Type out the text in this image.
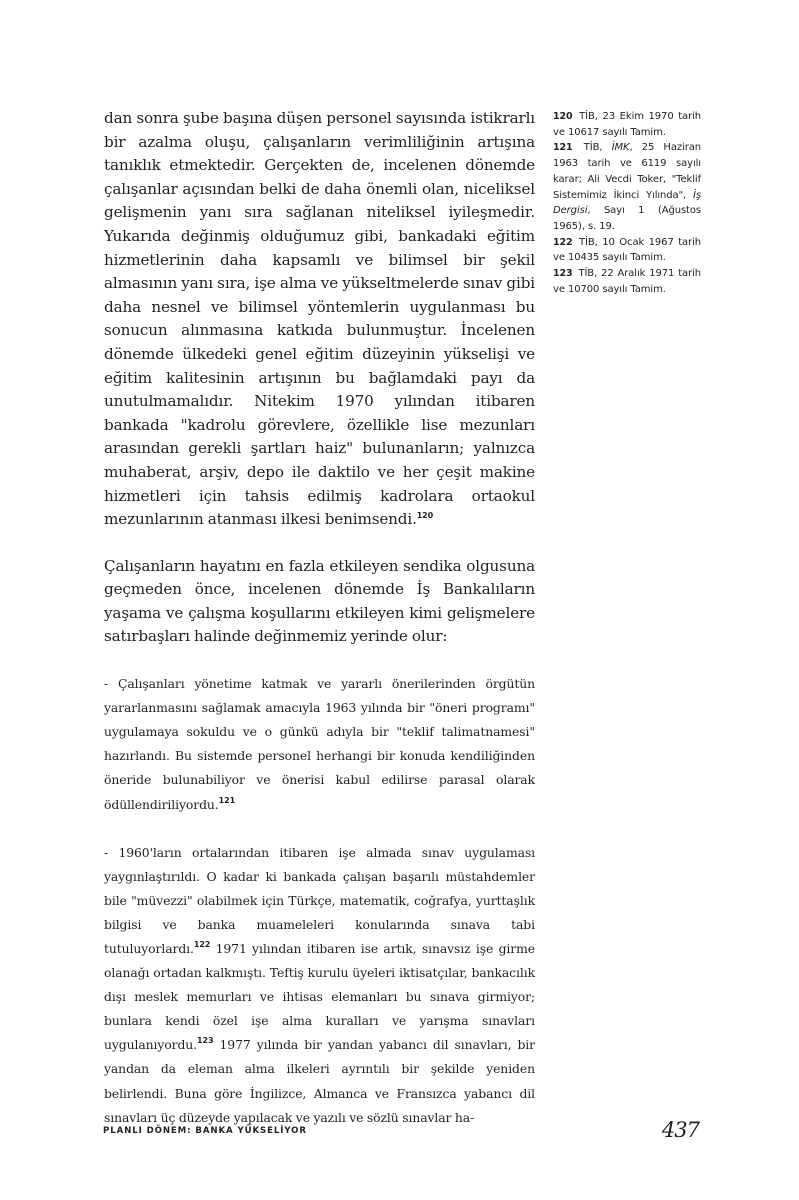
dan sonra şube başına düşen personel sayısında istikrarlı bir azalma oluşu, çalışanların verimliliğinin artışına tanıklık etmektedir. Gerçekten de, incelenen dönemde çalışanlar açısından belki de daha önemli olan, niceliksel gelişmenin yanı sıra sağlanan niteliksel iyileşmedir. Yukarıda değinmiş olduğumuz gibi, bankadaki eğitim hizmetlerinin daha kapsamlı ve bilimsel bir şekil almasının yanı sıra, işe alma ve yükseltmelerde sınav gibi daha nesnel ve bilimsel yöntemlerin uygulanması bu sonucun alınmasına katkıda bulunmuştur. İncelenen dönemde ülkedeki genel eğitim düzeyinin yükselişi ve eğitim kalitesinin artışının bu bağlamdaki payı da unutulmamalıdır. Nitekim 1970 yılından itibaren bankada "kadrolu görevlere, özellikle lise mezunları arasından gerekli şartları haiz" bulunanların; yalnızca muhaberat, arşiv, depo ile daktilo ve her çeşit makine hizmetleri için tahsis edilmiş kadrolara ortaokul mezunlarının atanması ilkesi benimsendi.$^{120}$

Çalışanların hayatını en fazla etkileyen sendika olgusuna geçmeden önce, incelenen dönemde İş Bankalıların yaşama ve çalışma koşullarını etkileyen kimi gelişmelere satırbaşları halinde değinmemiz yerinde olur:

- Çalışanları yönetime katmak ve yararlı önerilerinden örgütün yararlanmasını sağlamak amacıyla 1963 yılında bir "öneri programı" uygulamaya sokuldu ve o günkü adıyla bir "teklif talimatnamesi" hazırlandı. Bu sistemde personel herhangi bir konuda kendiliğinden öneride bulunabiliyor ve önerisi kabul edilirse parasal olarak ödüllendiriliyordu.$^{121}$

- 1960'ların ortalarından itibaren işe almada sınav uygulaması yaygınlaştırıldı. O kadar ki bankada çalışan başarılı müstahdemler bile "müvezzi" olabilmek için Türkçe, matematik, coğrafya, yurttaşlık bilgisi ve banka muameleleri konularında sınava tabi tutuluyorlardı.$^{122}$ 1971 yılından itibaren ise artık, sınavsız işe girme olanağı ortadan kalkmıştı. Teftiş kurulu üyeleri iktisatçılar, bankacılık dışı meslek memurları ve ihtisas elemanları bu sınava girmiyor; bunlara kendi özel işe alma kuralları ve yarışma sınavları uygulanıyordu.$^{123}$ 1977 yılında bir yandan yabancı dil sınavları, bir yandan da eleman alma ilkeleri ayrıntılı bir şekilde yeniden belirlendi. Buna göre İngilizce, Almanca ve Fransızca yabancı dil sınavları üç düzeyde yapılacak ve yazılı ve sözlü sınavlar ha-

120 TİB, 23 Ekim 1970 tarih ve 10617 sayılı Tamim.

121 TİB, İMK, 25 Haziran 1963 tarih ve 6119 sayılı karar; Ali Vecdi Toker, "Teklif Sistemimiz İkinci Yılında", İş Dergisi, Sayı 1 (Ağustos 1965), s. 19.

122 TİB, 10 Ocak 1967 tarih ve 10435 sayılı Tamim.

123 TİB, 22 Aralık 1971 tarih ve 10700 sayılı Tamim.

PLANLI DÖNEM: BANKA YÜKSELİYOR	437
